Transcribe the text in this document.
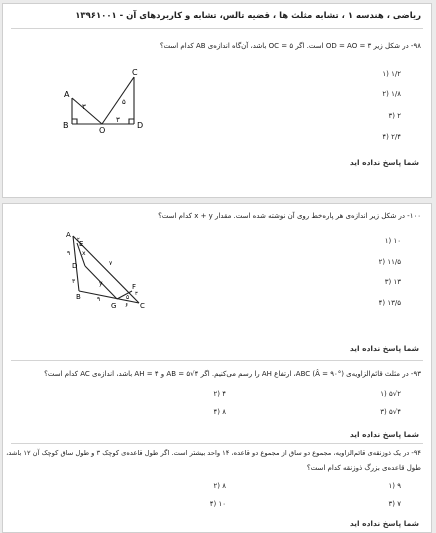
ریاضی ، هندسه ۱ ، تشابه مثلث ها ، قضیه تالس، تشابه و کاربردهای آن - ۱۳۹۶۱۰۰۱
۹۸- در شکل زیر ۳ = OD = AO است. اگر ۵ = OC باشد، آن‌گاه اندازه‌ی AB کدام است؟
۱/۲ (۱
۱/۸ (۲
۲ (۳
۲/۴ (۴
A
B
O
D
C
۳
۵
۳
شما پاسخ نداده اید
۱۰۰- در شکل زیر اندازه‌ی هر پاره‌خط روی آن نوشته شده است. مقدار x + y کدام است؟
۱۰ (۱
۱۱/۵ (۲
۱۳ (۳
۱۳/۵ (۴
A
E
D
B
G
F
C
۲
۹ x
۷
۳	y
۹
۶
۵ ۳
شما پاسخ نداده اید
۹۳- در مثلث قائم‌الزاویه‌ی ABC (Â = ۹۰°)، ارتفاع AH را رسم می‌کنیم. اگر ۴√۵ = AB و ۴ = AH باشد، اندازه‌ی AC کدام است؟
۲√۵ (۱
۴ (۲
۴√۵ (۳
۸ (۴
شما پاسخ نداده اید
۹۴- در یک ذوزنقه‌ی قائم‌الزاویه، مجموع دو ساق از مجموع دو قاعده، ۱۴ واحد بیشتر است. اگر طول قاعده‌ی کوچک ۳ و طول ساق کوچک آن ۱۲ باشد،
طول قاعده‌ی بزرگ ذوزنقه کدام است؟
۹ (۱
۸ (۲
۷ (۳
۱۰ (۴
شما پاسخ نداده اید
